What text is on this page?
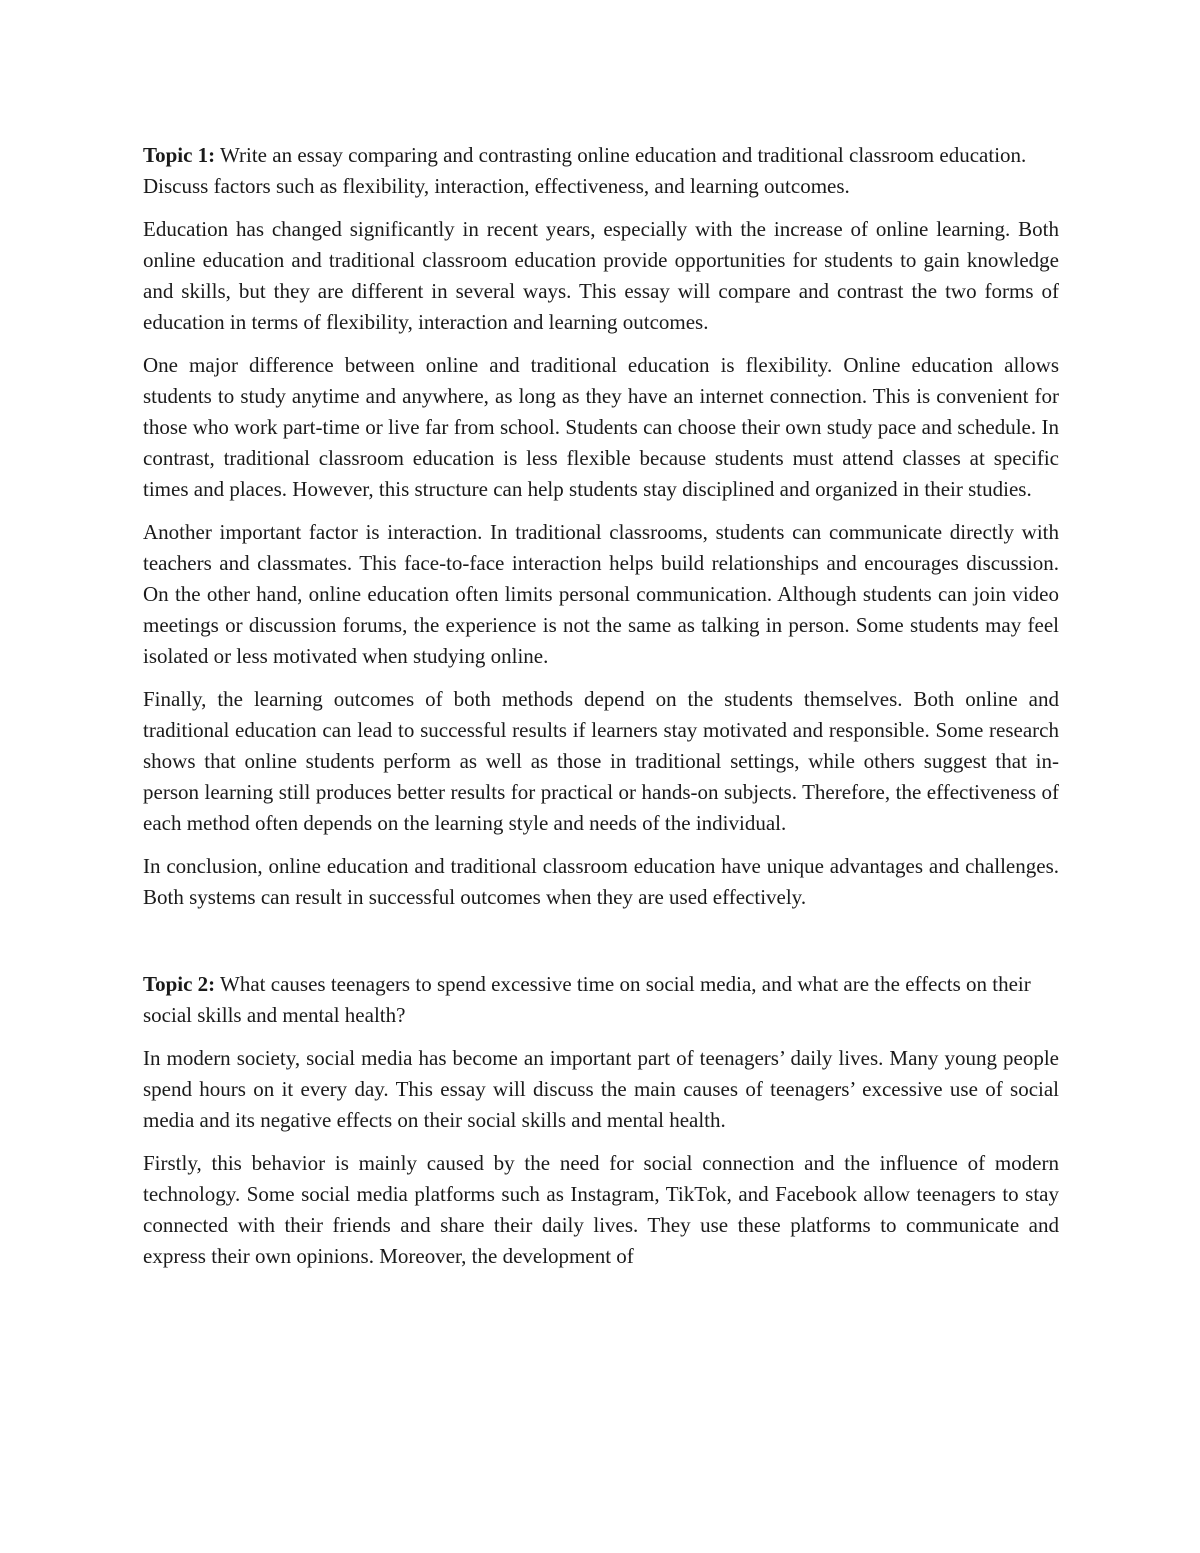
Topic 1: Write an essay comparing and contrasting online education and traditional classroom education. Discuss factors such as flexibility, interaction, effectiveness, and learning outcomes.

Education has changed significantly in recent years, especially with the increase of online learning. Both online education and traditional classroom education provide opportunities for students to gain knowledge and skills, but they are different in several ways. This essay will compare and contrast the two forms of education in terms of flexibility, interaction and learning outcomes.

One major difference between online and traditional education is flexibility. Online education allows students to study anytime and anywhere, as long as they have an internet connection. This is convenient for those who work part-time or live far from school. Students can choose their own study pace and schedule. In contrast, traditional classroom education is less flexible because students must attend classes at specific times and places. However, this structure can help students stay disciplined and organized in their studies.

Another important factor is interaction. In traditional classrooms, students can communicate directly with teachers and classmates. This face-to-face interaction helps build relationships and encourages discussion. On the other hand, online education often limits personal communication. Although students can join video meetings or discussion forums, the experience is not the same as talking in person. Some students may feel isolated or less motivated when studying online.

Finally, the learning outcomes of both methods depend on the students themselves. Both online and traditional education can lead to successful results if learners stay motivated and responsible. Some research shows that online students perform as well as those in traditional settings, while others suggest that in-person learning still produces better results for practical or hands-on subjects. Therefore, the effectiveness of each method often depends on the learning style and needs of the individual.

In conclusion, online education and traditional classroom education have unique advantages and challenges. Both systems can result in successful outcomes when they are used effectively.

Topic 2: What causes teenagers to spend excessive time on social media, and what are the effects on their social skills and mental health?

In modern society, social media has become an important part of teenagers’ daily lives. Many young people spend hours on it every day. This essay will discuss the main causes of teenagers’ excessive use of social media and its negative effects on their social skills and mental health.

Firstly, this behavior is mainly caused by the need for social connection and the influence of modern technology. Some social media platforms such as Instagram, TikTok, and Facebook allow teenagers to stay connected with their friends and share their daily lives. They use these platforms to communicate and express their own opinions. Moreover, the development of
